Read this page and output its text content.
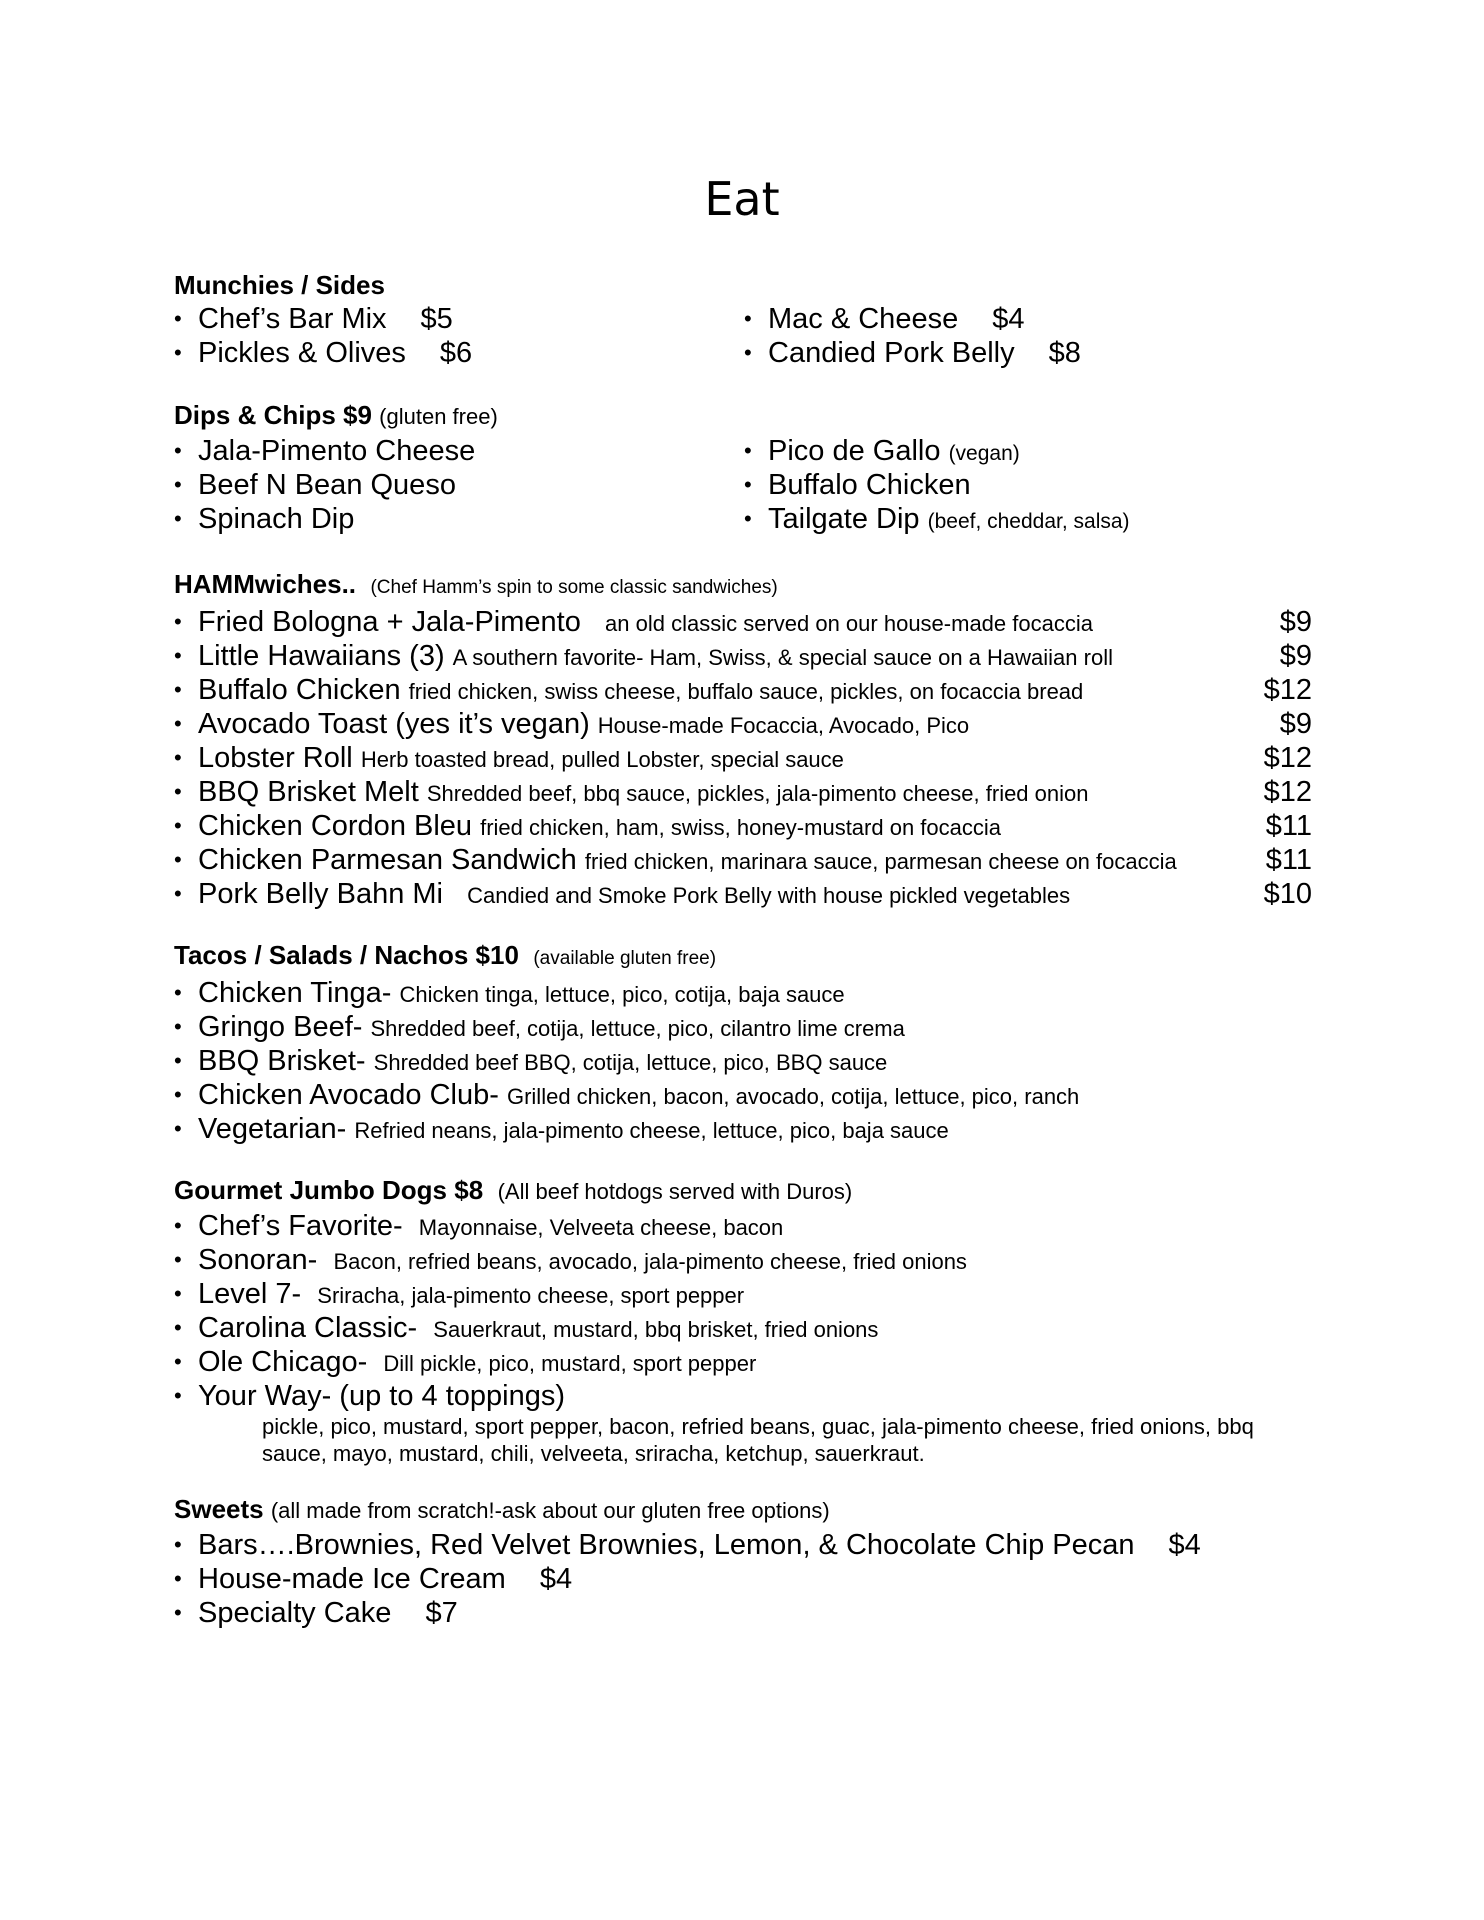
Eat
Munchies / Sides
• Chef’s Bar Mix $5
• Pickles & Olives $6
• Mac & Cheese $4
• Candied Pork Belly $8
Dips & Chips $9 (gluten free)
• Jala-Pimento Cheese
• Beef N Bean Queso
• Spinach Dip
• Pico de Gallo (vegan)
• Buffalo Chicken
• Tailgate Dip (beef, cheddar, salsa)
HAMMwiches.. (Chef Hamm’s spin to some classic sandwiches)
• Fried Bologna + Jala-Pimento an old classic served on our house-made focaccia	$9
• Little Hawaiians (3) A southern favorite- Ham, Swiss, & special sauce on a Hawaiian roll	$9
• Buffalo Chicken fried chicken, swiss cheese, buffalo sauce, pickles, on focaccia bread	$12
• Avocado Toast (yes it’s vegan) House-made Focaccia, Avocado, Pico	$9
• Lobster Roll Herb toasted bread, pulled Lobster, special sauce	$12
• BBQ Brisket Melt Shredded beef, bbq sauce, pickles, jala-pimento cheese, fried onion	$12
• Chicken Cordon Bleu fried chicken, ham, swiss, honey-mustard on focaccia	$11
• Chicken Parmesan Sandwich fried chicken, marinara sauce, parmesan cheese on focaccia	$11
• Pork Belly Bahn Mi Candied and Smoke Pork Belly with house pickled vegetables	$10
Tacos / Salads / Nachos $10 (available gluten free)
• Chicken Tinga- Chicken tinga, lettuce, pico, cotija, baja sauce
• Gringo Beef- Shredded beef, cotija, lettuce, pico, cilantro lime crema
• BBQ Brisket- Shredded beef BBQ, cotija, lettuce, pico, BBQ sauce
• Chicken Avocado Club- Grilled chicken, bacon, avocado, cotija, lettuce, pico, ranch
• Vegetarian- Refried neans, jala-pimento cheese, lettuce, pico, baja sauce
Gourmet Jumbo Dogs $8 (All beef hotdogs served with Duros)
• Chef’s Favorite- Mayonnaise, Velveeta cheese, bacon
• Sonoran- Bacon, refried beans, avocado, jala-pimento cheese, fried onions
• Level 7- Sriracha, jala-pimento cheese, sport pepper
• Carolina Classic- Sauerkraut, mustard, bbq brisket, fried onions
• Ole Chicago- Dill pickle, pico, mustard, sport pepper
• Your Way- (up to 4 toppings)
pickle, pico, mustard, sport pepper, bacon, refried beans, guac, jala-pimento cheese, fried onions, bbq sauce, mayo, mustard, chili, velveeta, sriracha, ketchup, sauerkraut.
Sweets (all made from scratch!-ask about our gluten free options)
• Bars….Brownies, Red Velvet Brownies, Lemon, & Chocolate Chip Pecan $4
• House-made Ice Cream $4
• Specialty Cake $7
